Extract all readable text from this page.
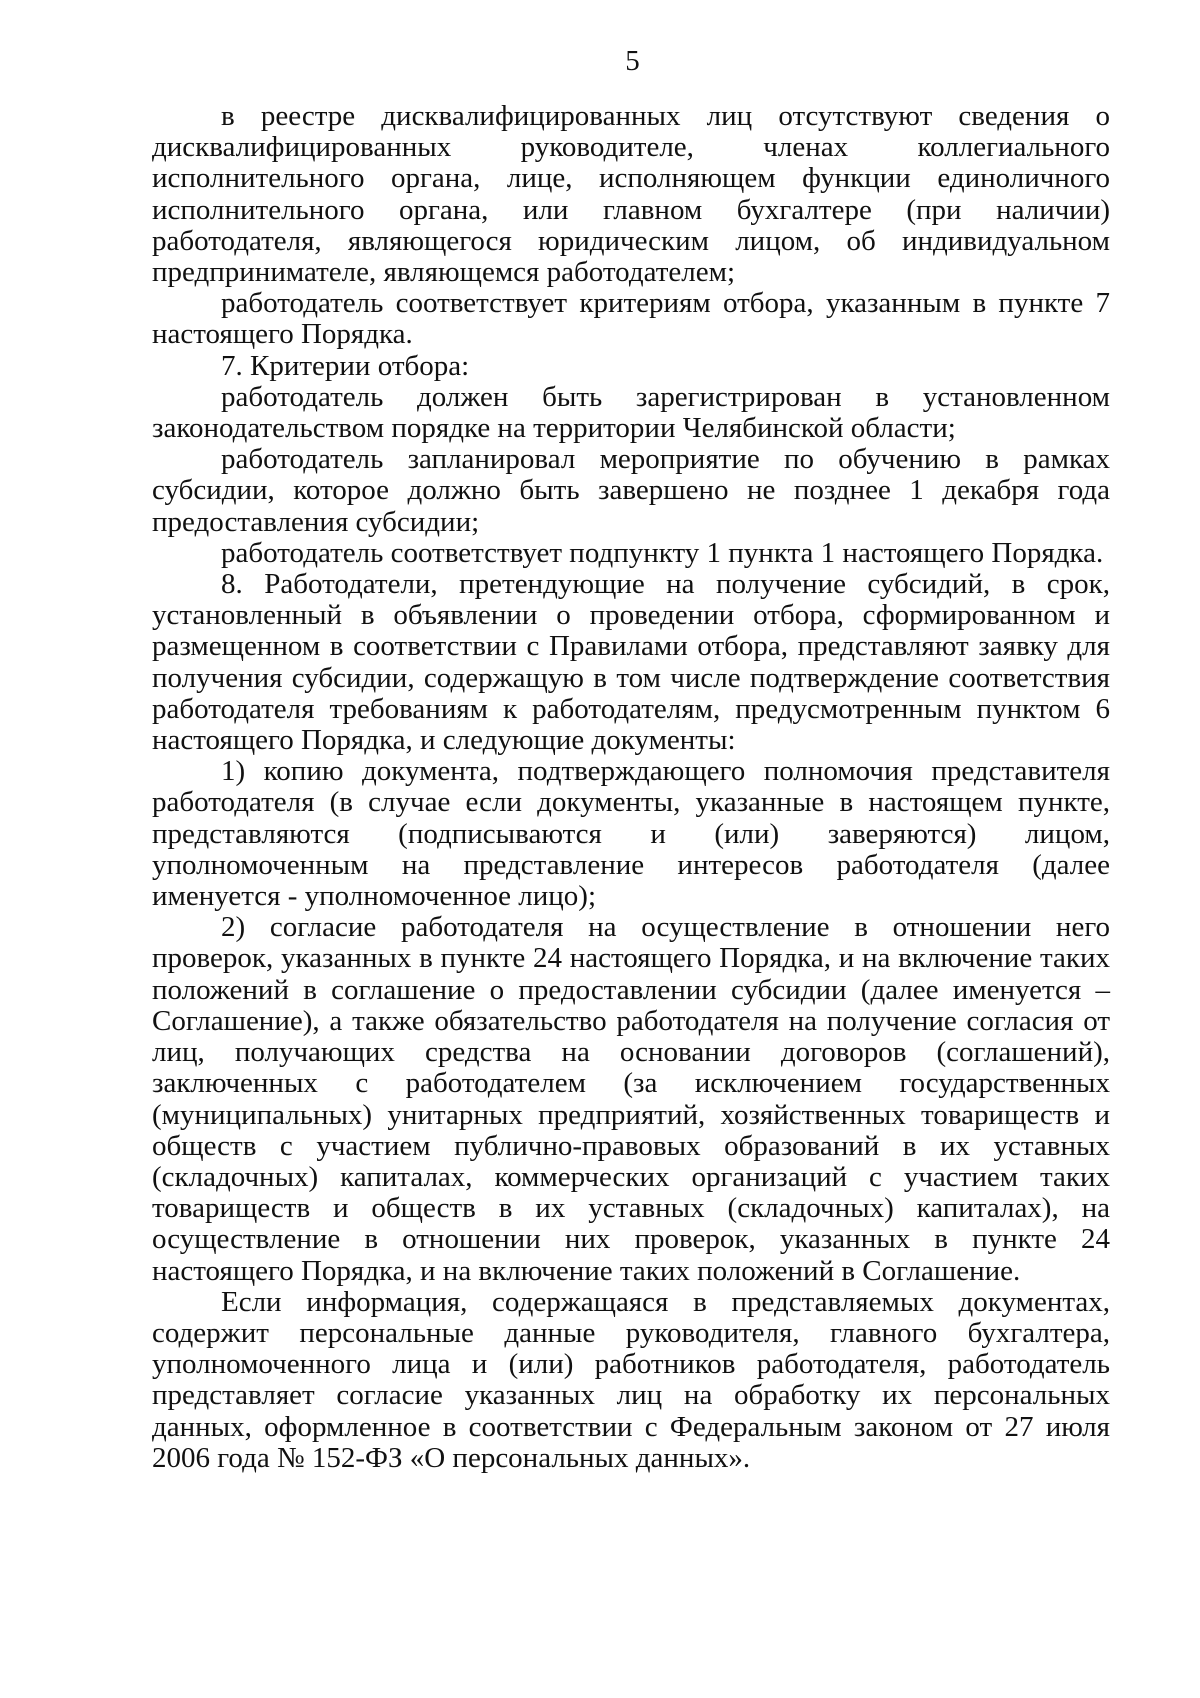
5

в реестре дисквалифицированных лиц отсутствуют сведения о дисквалифицированных руководителе, членах коллегиального исполнительного органа, лице, исполняющем функции единоличного исполнительного органа, или главном бухгалтере (при наличии) работодателя, являющегося юридическим лицом, об индивидуальном предпринимателе, являющемся работодателем;

работодатель соответствует критериям отбора, указанным в пункте 7 настоящего Порядка.

7. Критерии отбора:

работодатель должен быть зарегистрирован в установленном законодательством порядке на территории Челябинской области;

работодатель запланировал мероприятие по обучению в рамках субсидии, которое должно быть завершено не позднее 1 декабря года предоставления субсидии;

работодатель соответствует подпункту 1 пункта 1 настоящего Порядка.

8. Работодатели, претендующие на получение субсидий, в срок, установленный в объявлении о проведении отбора, сформированном и размещенном в соответствии с Правилами отбора, представляют заявку для получения субсидии, содержащую в том числе подтверждение соответствия работодателя требованиям к работодателям, предусмотренным пунктом 6 настоящего Порядка, и следующие документы:

1) копию документа, подтверждающего полномочия представителя работодателя (в случае если документы, указанные в настоящем пункте, представляются (подписываются и (или) заверяются) лицом, уполномоченным на представление интересов работодателя (далее именуется - уполномоченное лицо);

2) согласие работодателя на осуществление в отношении него проверок, указанных в пункте 24 настоящего Порядка, и на включение таких положений в соглашение о предоставлении субсидии (далее именуется – Соглашение), а также обязательство работодателя на получение согласия от лиц, получающих средства на основании договоров (соглашений), заключенных с работодателем (за исключением государственных (муниципальных) унитарных предприятий, хозяйственных товариществ и обществ с участием публично-правовых образований в их уставных (складочных) капиталах, коммерческих организаций с участием таких товариществ и обществ в их уставных (складочных) капиталах), на осуществление в отношении них проверок, указанных в пункте 24 настоящего Порядка, и на включение таких положений в Соглашение.

Если информация, содержащаяся в представляемых документах, содержит персональные данные руководителя, главного бухгалтера, уполномоченного лица и (или) работников работодателя, работодатель представляет согласие указанных лиц на обработку их персональных данных, оформленное в соответствии с Федеральным законом от 27 июля 2006 года № 152-ФЗ «О персональных данных».
